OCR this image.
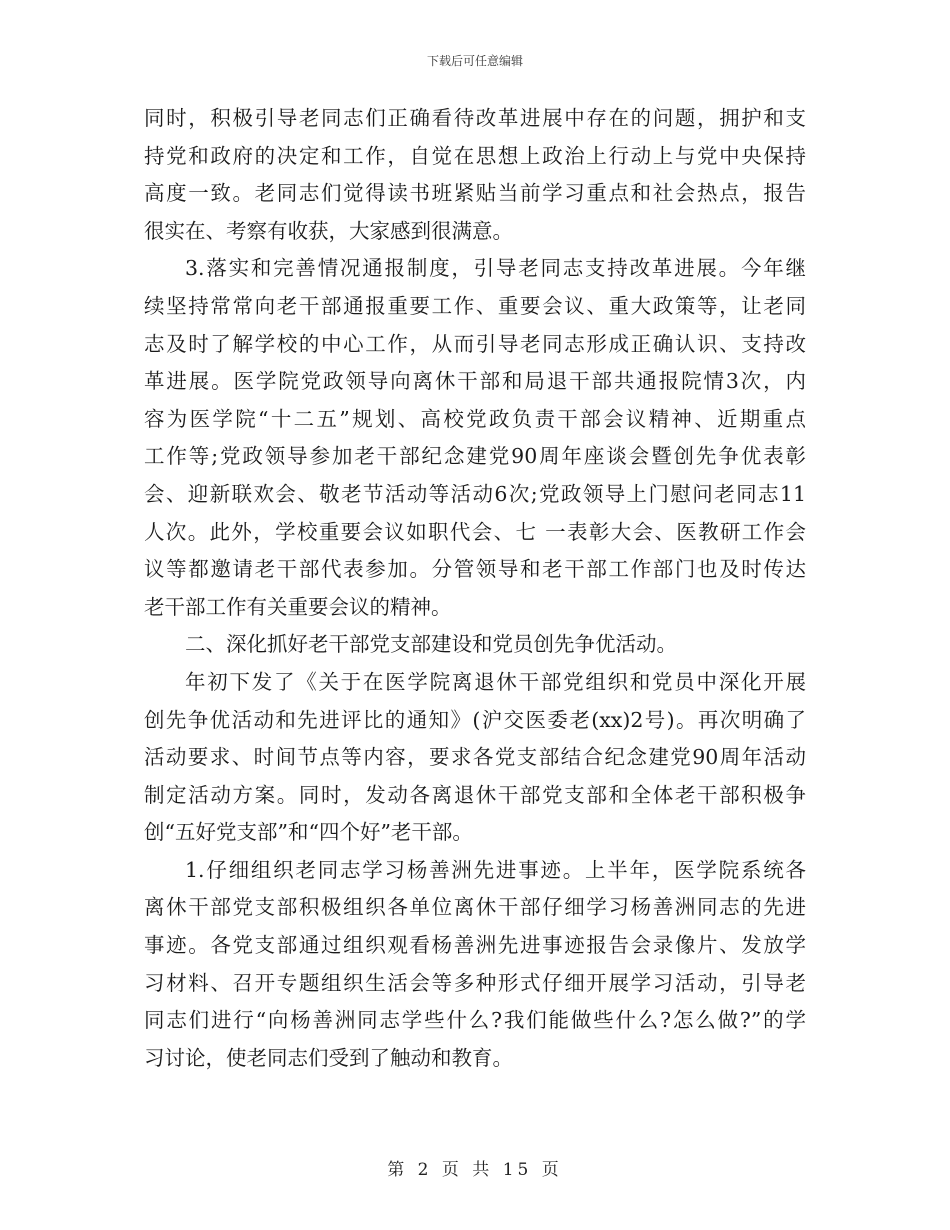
下载后可任意编辑
同时，积极引导老同志们正确看待改革进展中存在的问题，拥护和支
持党和政府的决定和工作，自觉在思想上政治上行动上与党中央保持
高度一致。老同志们觉得读书班紧贴当前学习重点和社会热点，报告
很实在、考察有收获，大家感到很满意。
3.落实和完善情况通报制度，引导老同志支持改革进展。今年继
续坚持常常向老干部通报重要工作、重要会议、重大政策等，让老同
志及时了解学校的中心工作，从而引导老同志形成正确认识、支持改
革进展。医学院党政领导向离休干部和局退干部共通报院情3次，内
容为医学院“十二五”规划、高校党政负责干部会议精神、近期重点
工作等;党政领导参加老干部纪念建党90周年座谈会暨创先争优表彰
会、迎新联欢会、敬老节活动等活动6次;党政领导上门慰问老同志11
人次。此外，学校重要会议如职代会、七 一表彰大会、医教研工作会
议等都邀请老干部代表参加。分管领导和老干部工作部门也及时传达
老干部工作有关重要会议的精神。
二、深化抓好老干部党支部建设和党员创先争优活动。
年初下发了《关于在医学院离退休干部党组织和党员中深化开展
创先争优活动和先进评比的通知》(沪交医委老(xx)2号)。再次明确了
活动要求、时间节点等内容，要求各党支部结合纪念建党90周年活动
制定活动方案。同时，发动各离退休干部党支部和全体老干部积极争
创“五好党支部”和“四个好”老干部。
1.仔细组织老同志学习杨善洲先进事迹。上半年，医学院系统各
离休干部党支部积极组织各单位离休干部仔细学习杨善洲同志的先进
事迹。各党支部通过组织观看杨善洲先进事迹报告会录像片、发放学
习材料、召开专题组织生活会等多种形式仔细开展学习活动，引导老
同志们进行“向杨善洲同志学些什么?我们能做些什么?怎么做?”的学
习讨论，使老同志们受到了触动和教育。
第 2 页 共 15 页
